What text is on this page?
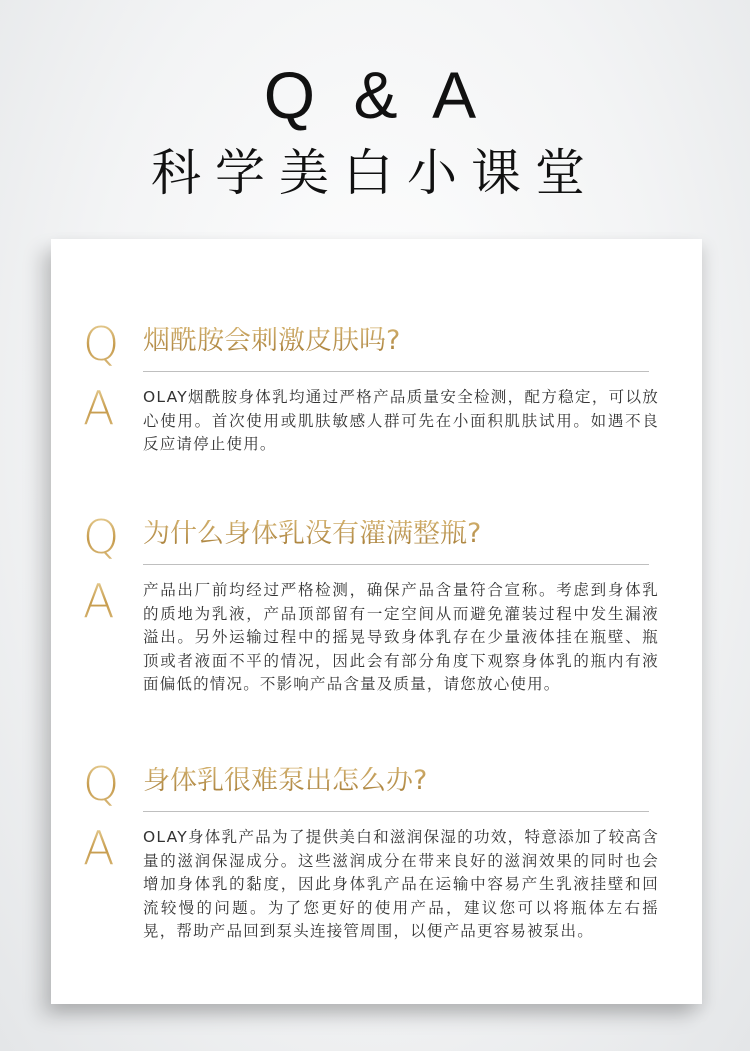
Q & A
科学美白小课堂
Q 烟酰胺会刺激皮肤吗?
A OLAY烟酰胺身体乳均通过严格产品质量安全检测，配方稳定，可以放心使用。首次使用或肌肤敏感人群可先在小面积肌肤试用。如遇不良反应请停止使用。
Q 为什么身体乳没有灌满整瓶?
A 产品出厂前均经过严格检测，确保产品含量符合宣称。考虑到身体乳的质地为乳液，产品顶部留有一定空间从而避免灌装过程中发生漏液溢出。另外运输过程中的摇晃导致身体乳存在少量液体挂在瓶壁、瓶顶或者液面不平的情况，因此会有部分角度下观察身体乳的瓶内有液面偏低的情况。不影响产品含量及质量，请您放心使用。
Q 身体乳很难泵出怎么办?
A OLAY身体乳产品为了提供美白和滋润保湿的功效，特意添加了较高含量的滋润保湿成分。这些滋润成分在带来良好的滋润效果的同时也会增加身体乳的黏度，因此身体乳产品在运输中容易产生乳液挂壁和回流较慢的问题。为了您更好的使用产品，建议您可以将瓶体左右摇晃，帮助产品回到泵头连接管周围，以便产品更容易被泵出。
